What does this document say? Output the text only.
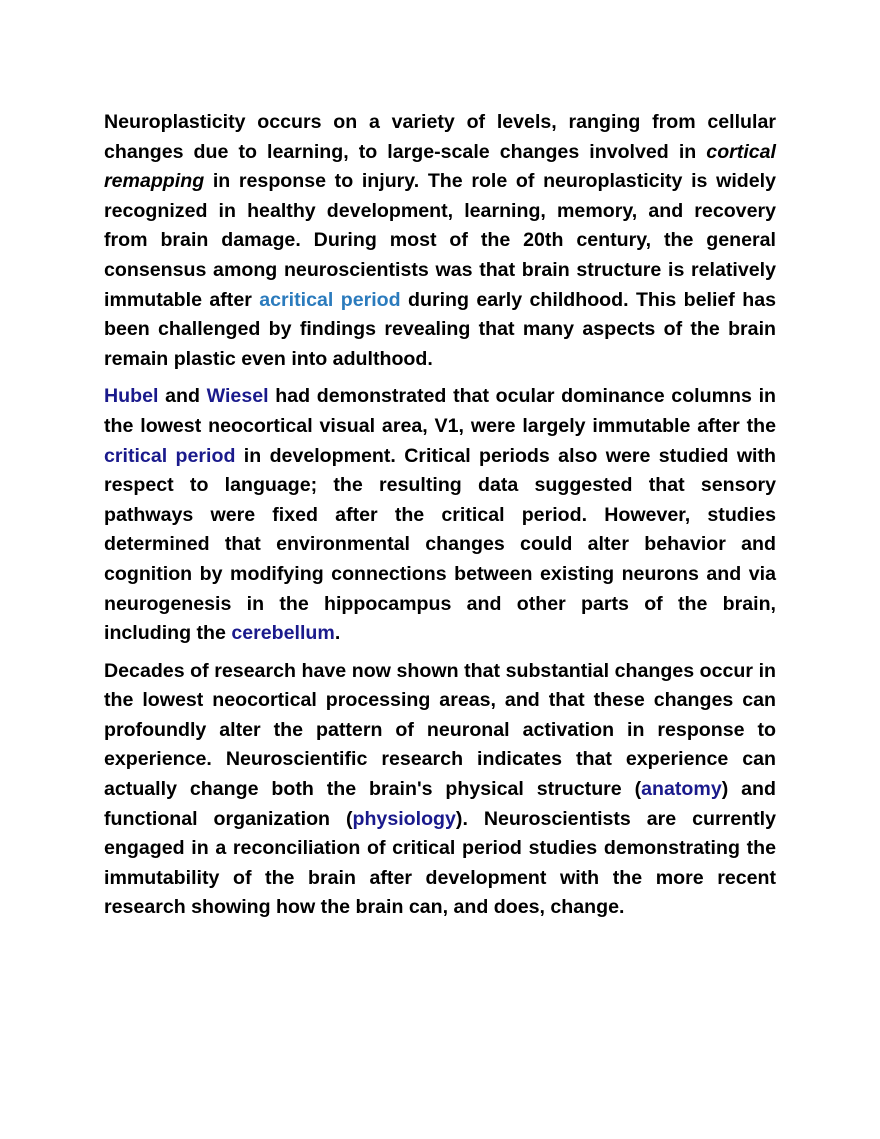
Neuroplasticity occurs on a variety of levels, ranging from cellular changes due to learning, to large-scale changes involved in cortical remapping in response to injury. The role of neuroplasticity is widely recognized in healthy development, learning, memory, and recovery from brain damage. During most of the 20th century, the general consensus among neuroscientists was that brain structure is relatively immutable after acritical period during early childhood. This belief has been challenged by findings revealing that many aspects of the brain remain plastic even into adulthood.

Hubel and Wiesel had demonstrated that ocular dominance columns in the lowest neocortical visual area, V1, were largely immutable after the critical period in development. Critical periods also were studied with respect to language; the resulting data suggested that sensory pathways were fixed after the critical period. However, studies determined that environmental changes could alter behavior and cognition by modifying connections between existing neurons and via neurogenesis in the hippocampus and other parts of the brain, including the cerebellum.

Decades of research have now shown that substantial changes occur in the lowest neocortical processing areas, and that these changes can profoundly alter the pattern of neuronal activation in response to experience. Neuroscientific research indicates that experience can actually change both the brain's physical structure (anatomy) and functional organization (physiology). Neuroscientists are currently engaged in a reconciliation of critical period studies demonstrating the immutability of the brain after development with the more recent research showing how the brain can, and does, change.
